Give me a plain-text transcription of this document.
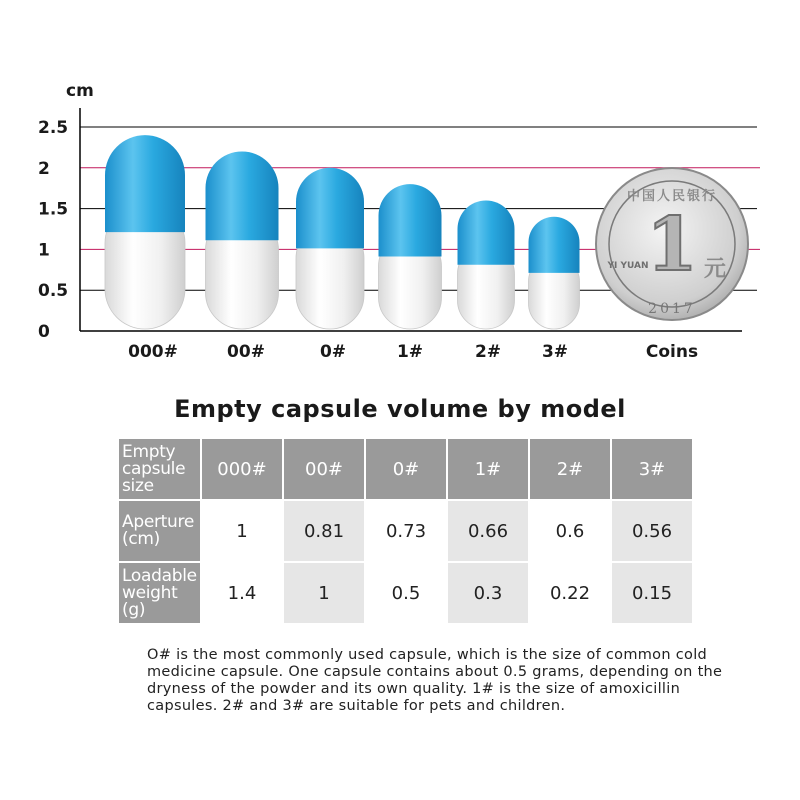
cm
0
0.5
1
1.5
2
2.5
000#	00#	0#	1#	2# 3#	Coins
1 元
YI YUAN
2017
中国人民银行
Empty capsule volume by model
Empty capsule size	000#	00#	0#	1#	2#	3#
Aperture (cm)	1	0.81	0.73	0.66	0.6	0.56
Loadable weight (g)	1.4	1	0.5	0.3	0.22	0.15
O# is the most commonly used capsule, which is the size of common cold medicine capsule. One capsule contains about 0.5 grams, depending on the dryness of the powder and its own quality. 1# is the size of amoxicillin capsules. 2# and 3# are suitable for pets and children.
